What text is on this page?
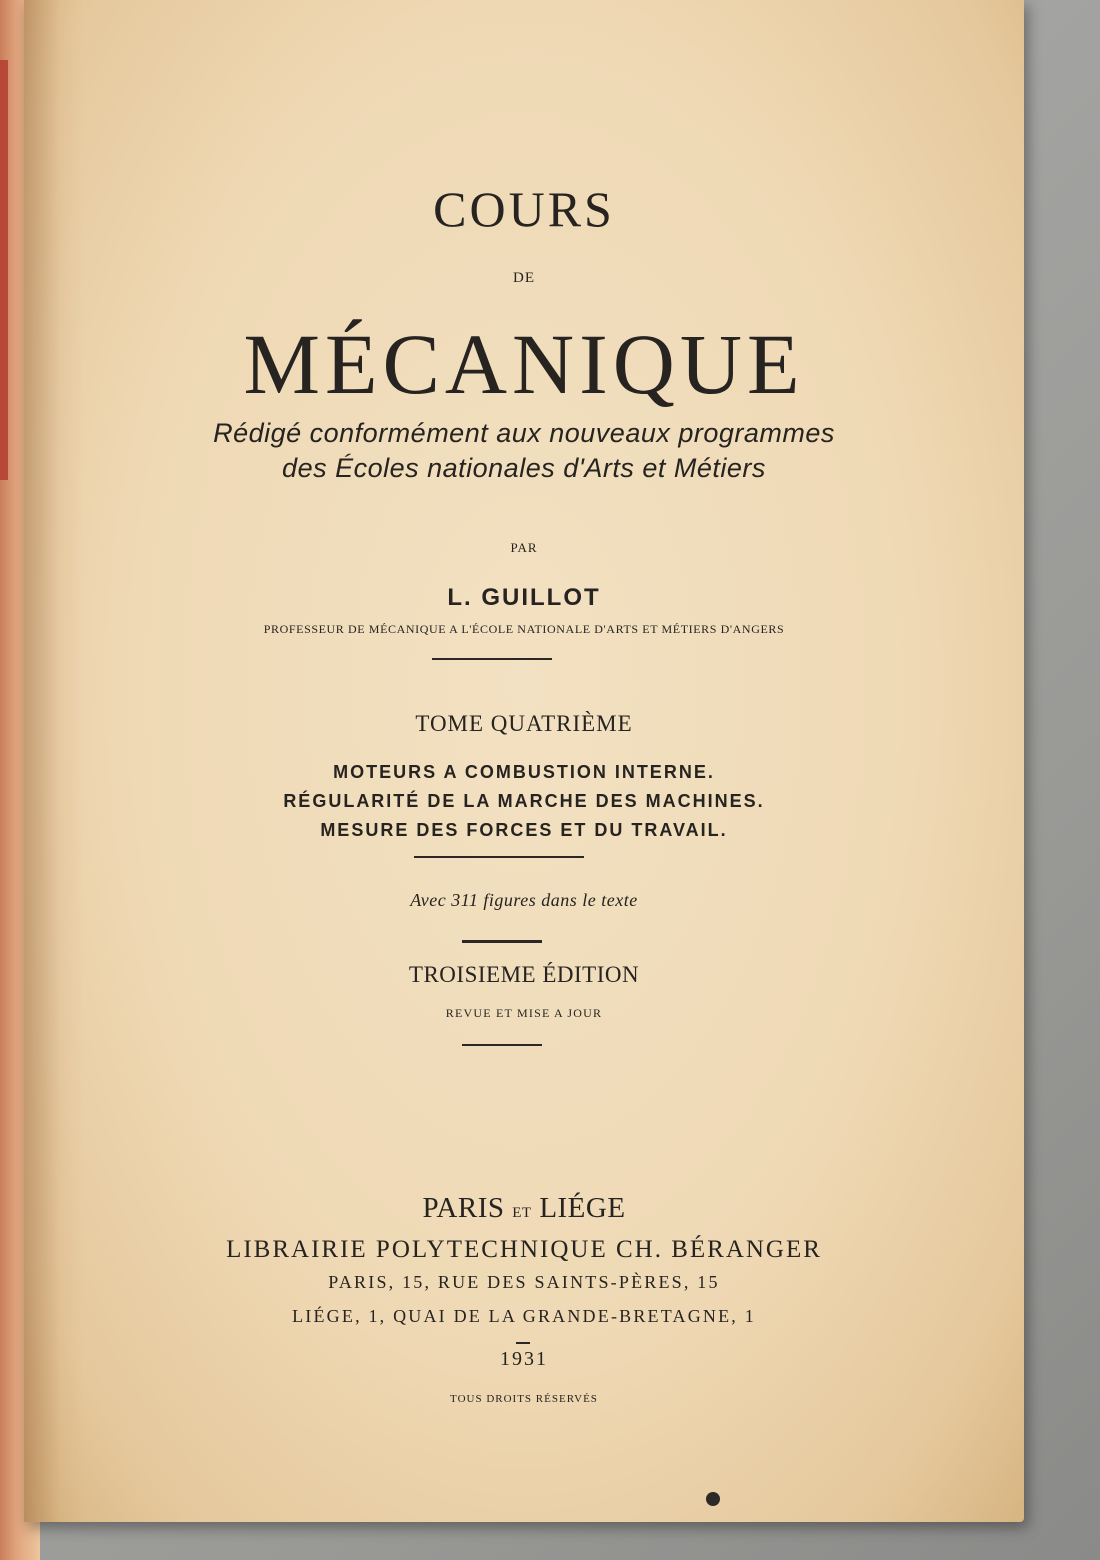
COURS
DE
MÉCANIQUE
Rédigé conformément aux nouveaux programmes
des Écoles nationales d'Arts et Métiers
PAR
L. GUILLOT
PROFESSEUR DE MÉCANIQUE A L'ÉCOLE NATIONALE D'ARTS ET MÉTIERS D'ANGERS
TOME QUATRIÈME
MOTEURS A COMBUSTION INTERNE.
RÉGULARITÉ DE LA MARCHE DES MACHINES.
MESURE DES FORCES ET DU TRAVAIL.
Avec 311 figures dans le texte
TROISIEME ÉDITION
REVUE ET MISE A JOUR
PARIS et LIÉGE
LIBRAIRIE POLYTECHNIQUE CH. BÉRANGER
PARIS, 15, RUE DES SAINTS-PÈRES, 15
LIÉGE, 1, QUAI DE LA GRANDE-BRETAGNE, 1
1931
TOUS DROITS RÉSERVÉS
